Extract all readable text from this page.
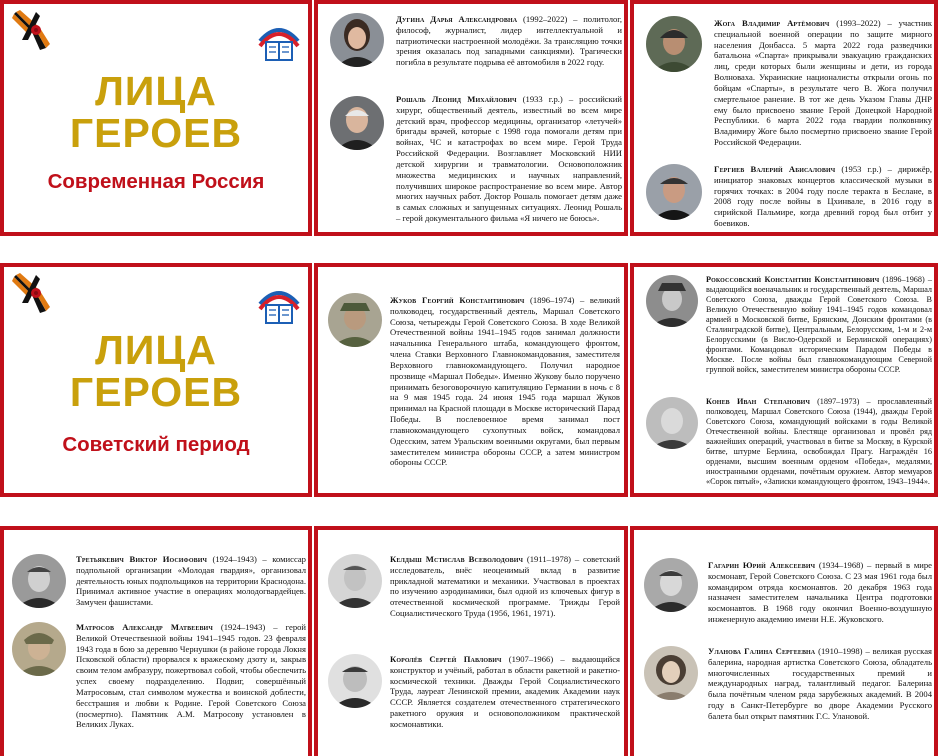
ЛИЦА
ГЕРОЕВ
Современная Россия
Дугина Дарья Александровна (1992–2022) – политолог, философ, журналист, лидер интеллектуальной и патриотически настроенной молодёжи. За трансляцию точки зрения оказалась под западными санкциями). Трагически погибла в результате подрыва её автомобиля в 2022 году.
Рошаль Леонид Михайлович (1933 г.р.) – российский хирург, общественный деятель, известный во всем мире детский врач, профессор медицины, организатор «летучей» бригады врачей, которые с 1998 года помогали детям при войнах, ЧС и катастрофах во всем мире. Герой Труда Российской Федерации. Возглавляет Московский НИИ детской хирургии и травматологии. Основоположник множества медицинских и научных направлений, получивших широкое распространение во всем мире. Автор многих научных работ. Доктор Рошаль помогает детям даже в самых сложных и запущенных ситуациях. Леонид Рошаль – герой документального фильма «Я ничего не боюсь».
Жога Владимир Артёмович (1993–2022) – участник специальной военной операции по защите мирного населения Донбасса. 5 марта 2022 года разведчики батальона «Спарта» прикрывали эвакуацию гражданских лиц, среди которых были женщины и дети, из города Волноваха. Украинские националисты открыли огонь по бойцам «Спарты», в результате чего В. Жога получил смертельное ранение. В тот же день Указом Главы ДНР ему было присвоено звание Герой Донецкой Народной Республики. 6 марта 2022 года гвардии полковнику Владимиру Жоге было посмертно присвоено звание Герой Российской Федерации.
Гергиев Валерий Абисалович (1953 г.р.) – дирижёр, инициатор знаковых концертов классической музыки в горячих точках: в 2004 году после теракта в Беслане, в 2008 году после войны в Цхинвале, в 2016 году в сирийской Пальмире, когда древний город был отбит у боевиков.
ЛИЦА
ГЕРОЕВ
Советский период
Жуков Георгий Константинович (1896–1974) – великий полководец, государственный деятель, Маршал Советского Союза, четырежды Герой Советского Союза. В ходе Великой Отечественной войны 1941–1945 годов занимал должности начальника Генерального штаба, командующего фронтом, члена Ставки Верховного Главнокомандования, заместителя Верховного главнокомандующего. Получил народное прозвище «Маршал Победы». Именно Жукову было поручено принимать безоговорочную капитуляцию Германии в ночь с 8 на 9 мая 1945 года. 24 июня 1945 года маршал Жуков принимал на Красной площади в Москве исторический Парад Победы. В послевоенное время занимал пост главнокомандующего сухопутных войск, командовал Одесским, затем Уральским военными округами, был первым заместителем министра обороны СССР, а затем министром обороны СССР.
Рокоссовский Константин Константинович (1896–1968) – выдающийся военачальник и государственный деятель, Маршал Советского Союза, дважды Герой Советского Союза. В Великую Отечественную войну 1941–1945 годов командовал армией в Московской битве, Брянским, Донским фронтами (в Сталинградской битве), Центральным, Белорусским, 1-м и 2-м Белорусскими (в Висло-Одерской и Берлинской операциях) фронтами. Командовал историческим Парадом Победы в Москве. После войны был главнокомандующим Северной группой войск, заместителем министра обороны СССР.
Конев Иван Степанович (1897–1973) – прославленный полководец, Маршал Советского Союза (1944), дважды Герой Советского Союза, командующий войсками в годы Великой Отечественной войны. Блестяще организовал и провёл ряд важнейших операций, участвовал в битве за Москву, в Курской битве, штурме Берлина, освобождал Прагу. Награждён 16 орденами, высшим военным орденом «Победа», медалями, иностранными орденами, почётным оружием. Автор мемуаров «Сорок пятый», «Записки командующего фронтом, 1943–1944».
Третьякевич Виктор Иосифович (1924–1943) – комиссар подпольной организации «Молодая гвардия», организовал деятельность юных подпольщиков на территории Краснодона. Принимал активное участие в операциях молодогвардейцев. Замучен фашистами.
Матросов Александр Матвеевич (1924–1943) – герой Великой Отечественной войны 1941–1945 годов. 23 февраля 1943 года в бою за деревню Чернушки (в районе города Локня Псковской области) прорвался к вражескому дзоту и, закрыв своим телом амбразуру, пожертвовал собой, чтобы обеспечить успех своему подразделению. Подвиг, совершённый Матросовым, стал символом мужества и воинской доблести, бесстрашия и любви к Родине. Герой Советского Союза (посмертно). Памятник А.М. Матросову установлен в Великих Луках.
Келдыш Мстислав Всеволодович (1911–1978) – советский исследователь, внёс неоценимый вклад в развитие прикладной математики и механики. Участвовал в проектах по изучению аэродинамики, был одной из ключевых фигур в отечественной космической программе. Трижды Герой Социалистического Труда (1956, 1961, 1971).
Королёв Сергей Павлович (1907–1966) – выдающийся конструктор и учёный, работал в области ракетной и ракетно-космической техники. Дважды Герой Социалистического Труда, лауреат Ленинской премии, академик Академии наук СССР. Является создателем отечественного стратегического ракетного оружия и основоположником практической космонавтики.
Гагарин Юрий Алексеевич (1934–1968) – первый в мире космонавт, Герой Советского Союза. С 23 мая 1961 года был командиром отряда космонавтов. 20 декабря 1963 года назначен заместителем начальника Центра подготовки космонавтов. В 1968 году окончил Военно-воздушную инженерную академию имени Н.Е. Жуковского.
Уланова Галина Сергеевна (1910–1998) – великая русская балерина, народная артистка Советского Союза, обладатель многочисленных государственных премий и международных наград, талантливый педагог. Балерина была почётным членом ряда зарубежных академий. В 2004 году в Санкт-Петербурге во дворе Академии Русского балета был открыт памятник Г.С. Улановой.
